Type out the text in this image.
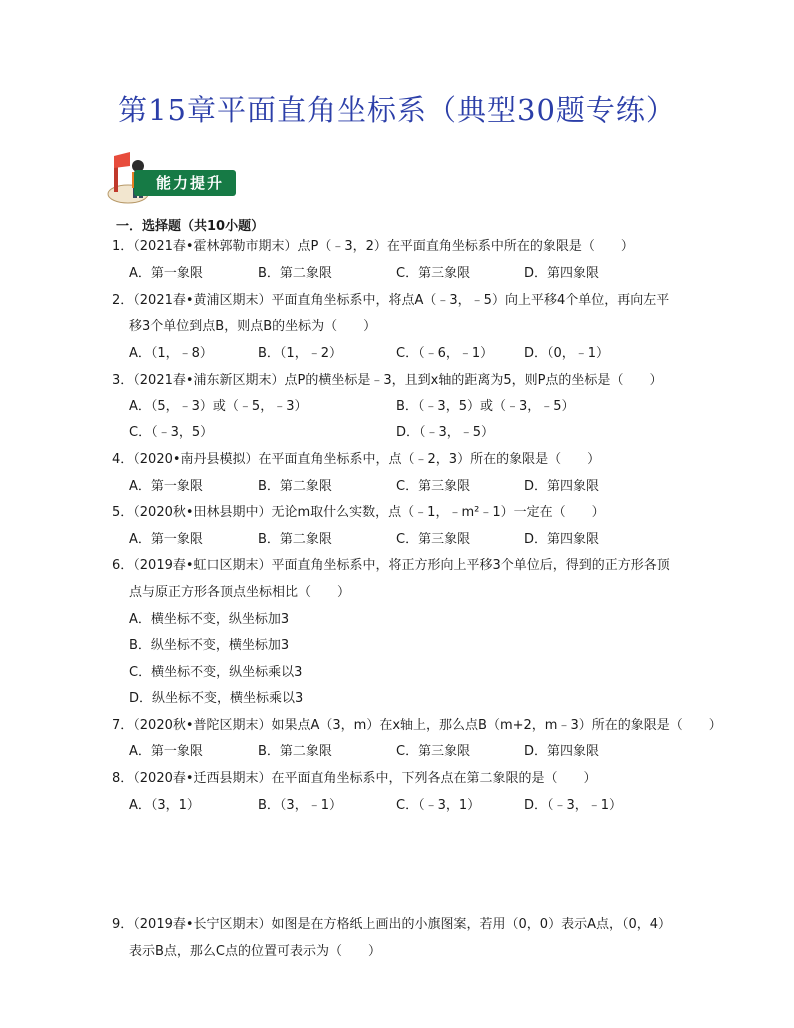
第15章平面直角坐标系（典型30题专练）
能力提升
一．选择题（共10小题）
1．（2021春•霍林郭勒市期末）点P（﹣3，2）在平面直角坐标系中所在的象限是（　　）
A．第一象限	B．第二象限	C．第三象限	D．第四象限
2．（2021春•黄浦区期末）平面直角坐标系中，将点A（﹣3，﹣5）向上平移4个单位，再向左平
移3个单位到点B，则点B的坐标为（　　）
A．（1，﹣8）	B．（1，﹣2）	C．（﹣6，﹣1） D．（0，﹣1）
3．（2021春•浦东新区期末）点P的横坐标是﹣3，且到x轴的距离为5，则P点的坐标是（　　）
A．（5，﹣3）或（﹣5，﹣3）	B．（﹣3，5）或（﹣3，﹣5）
C．（﹣3，5）	D．（﹣3，﹣5）
4．（2020•南丹县模拟）在平面直角坐标系中，点（﹣2，3）所在的象限是（　　）
A．第一象限	B．第二象限	C．第三象限	D．第四象限
5．（2020秋•田林县期中）无论m取什么实数，点（﹣1，﹣m²﹣1）一定在（　　）
A．第一象限	B．第二象限	C．第三象限	D．第四象限
6．（2019春•虹口区期末）平面直角坐标系中，将正方形向上平移3个单位后，得到的正方形各顶
点与原正方形各顶点坐标相比（　　）
A．横坐标不变，纵坐标加3
B．纵坐标不变，横坐标加3
C．横坐标不变，纵坐标乘以3
D．纵坐标不变，横坐标乘以3
7．（2020秋•普陀区期末）如果点A（3，m）在x轴上，那么点B（m+2，m﹣3）所在的象限是（　　）
A．第一象限	B．第二象限	C．第三象限	D．第四象限
8．（2020春•迁西县期末）在平面直角坐标系中，下列各点在第二象限的是（　　）
A．（3，1）	B．（3，﹣1）	C．（﹣3，1）	D．（﹣3，﹣1）
9．（2019春•长宁区期末）如图是在方格纸上画出的小旗图案，若用（0，0）表示A点，（0，4）
表示B点，那么C点的位置可表示为（　　）
